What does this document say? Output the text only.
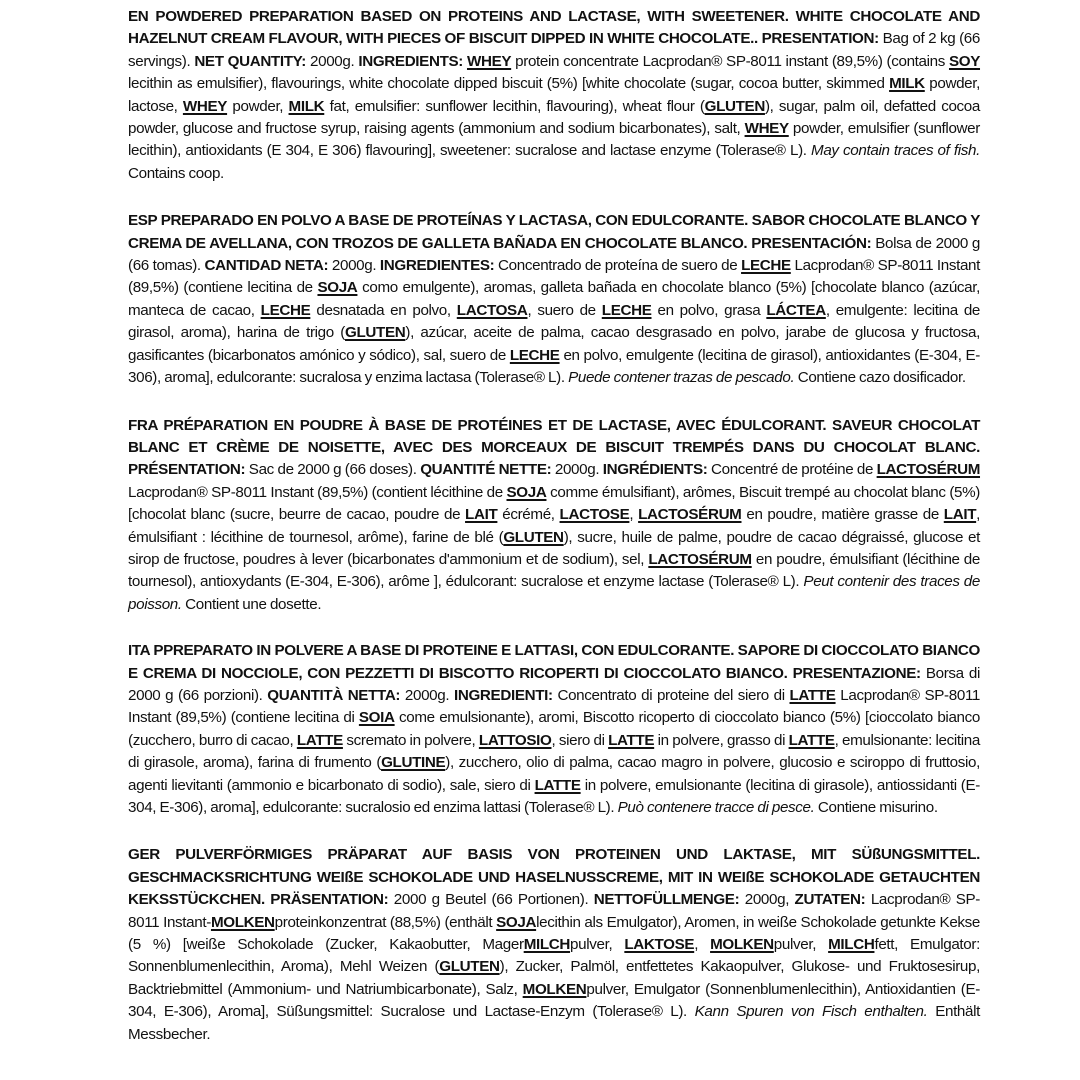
EN POWDERED PREPARATION BASED ON PROTEINS AND LACTASE, WITH SWEETENER. WHITE CHOCOLATE AND HAZELNUT CREAM FLAVOUR, WITH PIECES OF BISCUIT DIPPED IN WHITE CHOCOLATE.. PRESENTATION: Bag of 2 kg (66 servings). NET QUANTITY: 2000g. INGREDIENTS: WHEY protein concentrate Lacprodan® SP-8011 instant (89,5%) (contains SOY lecithin as emulsifier), flavourings, white chocolate dipped biscuit (5%) [white chocolate (sugar, cocoa butter, skimmed MILK powder, lactose, WHEY powder, MILK fat, emulsifier: sunflower lecithin, flavouring), wheat flour (GLUTEN), sugar, palm oil, defatted cocoa powder, glucose and fructose syrup, raising agents (ammonium and sodium bicarbonates), salt, WHEY powder, emulsifier (sunflower lecithin), antioxidants (E 304, E 306) flavouring], sweetener: sucralose and lactase enzyme (Tolerase® L). May contain traces of fish. Contains coop.

ESP PREPARADO EN POLVO A BASE DE PROTEÍNAS Y LACTASA, CON EDULCORANTE. SABOR CHOCOLATE BLANCO Y CREMA DE AVELLANA, CON TROZOS DE GALLETA BAÑADA EN CHOCOLATE BLANCO. PRESENTACIÓN: Bolsa de 2000 g (66 tomas). CANTIDAD NETA: 2000g. INGREDIENTES: Concentrado de proteína de suero de LECHE Lacprodan® SP-8011 Instant (89,5%) (contiene lecitina de SOJA como emulgente), aromas, galleta bañada en chocolate blanco (5%) [chocolate blanco (azúcar, manteca de cacao, LECHE desnatada en polvo, LACTOSA, suero de LECHE en polvo, grasa LÁCTEA, emulgente: lecitina de girasol, aroma), harina de trigo (GLUTEN), azúcar, aceite de palma, cacao desgrasado en polvo, jarabe de glucosa y fructosa, gasificantes (bicarbonatos amónico y sódico), sal, suero de LECHE en polvo, emulgente (lecitina de girasol), antioxidantes (E-304, E-306), aroma], edulcorante: sucralosa y enzima lactasa (Tolerase® L). Puede contener trazas de pescado. Contiene cazo dosificador.

FRA PRÉPARATION EN POUDRE À BASE DE PROTÉINES ET DE LACTASE, AVEC ÉDULCORANT. SAVEUR CHOCOLAT BLANC ET CRÈME DE NOISETTE, AVEC DES MORCEAUX DE BISCUIT TREMPÉS DANS DU CHOCOLAT BLANC. PRÉSENTATION: Sac de 2000 g (66 doses). QUANTITÉ NETTE: 2000g. INGRÉDIENTS: Concentré de protéine de LACTOSÉRUM Lacprodan® SP-8011 Instant (89,5%) (contient lécithine de SOJA comme émulsifiant), arômes, Biscuit trempé au chocolat blanc (5%) [chocolat blanc (sucre, beurre de cacao, poudre de LAIT écrémé, LACTOSE, LACTOSÉRUM en poudre, matière grasse de LAIT, émulsifiant : lécithine de tournesol, arôme), farine de blé (GLUTEN), sucre, huile de palme, poudre de cacao dégraissé, glucose et sirop de fructose, poudres à lever (bicarbonates d'ammonium et de sodium), sel, LACTOSÉRUM en poudre, émulsifiant (lécithine de tournesol), antioxydants (E-304, E-306), arôme ], édulcorant: sucralose et enzyme lactase (Tolerase® L). Peut contenir des traces de poisson. Contient une dosette.

ITA PPREPARATO IN POLVERE A BASE DI PROTEINE E LATTASI, CON EDULCORANTE. SAPORE DI CIOCCOLATO BIANCO E CREMA DI NOCCIOLE, CON PEZZETTI DI BISCOTTO RICOPERTI DI CIOCCOLATO BIANCO. PRESENTAZIONE: Borsa di 2000 g (66 porzioni). QUANTITÀ NETTA: 2000g. INGREDIENTI: Concentrato di proteine del siero di LATTE Lacprodan® SP-8011 Instant (89,5%) (contiene lecitina di SOIA come emulsionante), aromi, Biscotto ricoperto di cioccolato bianco (5%) [cioccolato bianco (zucchero, burro di cacao, LATTE scremato in polvere, LATTOSIO, siero di LATTE in polvere, grasso di LATTE, emulsionante: lecitina di girasole, aroma), farina di frumento (GLUTINE), zucchero, olio di palma, cacao magro in polvere, glucosio e sciroppo di fruttosio, agenti lievitanti (ammonio e bicarbonato di sodio), sale, siero di LATTE in polvere, emulsionante (lecitina di girasole), antiossidanti (E-304, E-306), aroma], edulcorante: sucralosio ed enzima lattasi (Tolerase® L). Può contenere tracce di pesce. Contiene misurino.

GER PULVERFÖRMIGES PRÄPARAT AUF BASIS VON PROTEINEN UND LAKTASE, MIT SÜßUNGSMITTEL. GESCHMACKSRICHTUNG WEIßE SCHOKOLADE UND HASELNUSSCREME, MIT IN WEIßE SCHOKOLADE GETAUCHTEN KEKSSTÜCKCHEN. PRÄSENTATION: 2000 g Beutel (66 Portionen). NETTOFÜLLMENGE: 2000g, ZUTATEN: Lacprodan® SP-8011 Instant-MOLKENproteinkonzentrat (88,5%) (enthält SOJAlecithin als Emulgator), Aromen, in weiße Schokolade getunkte Kekse (5 %) [weiße Schokolade (Zucker, Kakaobutter, MagerMILCHpulver, LAKTOSE, MOLKENpulver, MILCHfett, Emulgator: Sonnenblumenlecithin, Aroma), Mehl Weizen (GLUTEN), Zucker, Palmöl, entfettetes Kakaopulver, Glukose- und Fruktosesirup, Backtriebmittel (Ammonium- und Natriumbicarbonate), Salz, MOLKENpulver, Emulgator (Sonnenblumenlecithin), Antioxidantien (E-304, E-306), Aroma], Süßungsmittel: Sucralose und Lactase-Enzym (Tolerase® L). Kann Spuren von Fisch enthalten. Enthält Messbecher.
